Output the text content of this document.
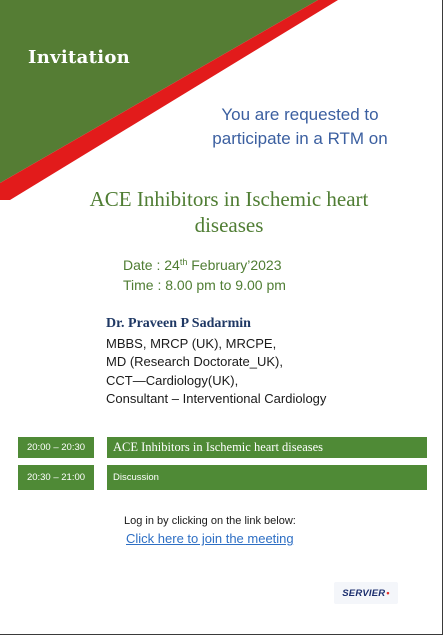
Invitation
You are requested to
participate in a RTM on
ACE Inhibitors in Ischemic heart
diseases
Date : 24th February’2023
Time : 8.00 pm to 9.00 pm
Dr. Praveen P Sadarmin
MBBS, MRCP (UK), MRCPE,
MD (Research Doctorate_UK),
CCT—Cardiology(UK),
Consultant – Interventional Cardiology
20:00 – 20:30	ACE Inhibitors in Ischemic heart diseases
20:30 – 21:00	Discussion
Log in by clicking on the link below:
Click here to join the meeting
SERVIER •
